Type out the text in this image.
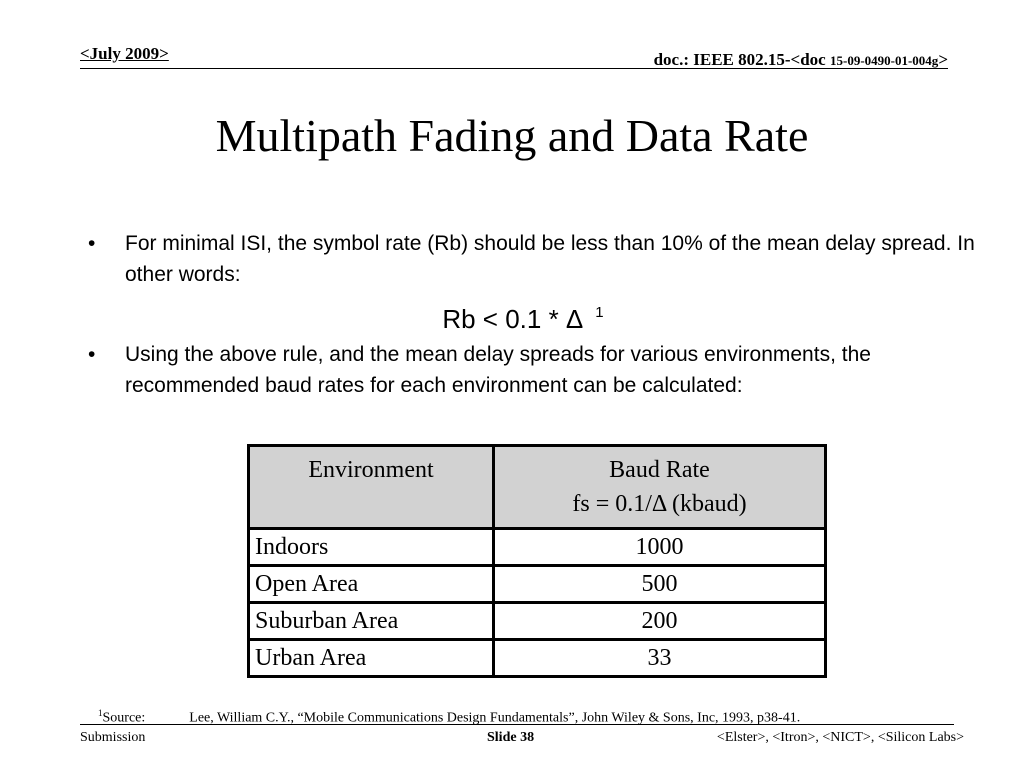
<July 2009>	doc.: IEEE 802.15-<doc 15-09-0490-01-004g>
Multipath Fading and Data Rate
• For minimal ISI, the symbol rate (Rb) should be less than 10% of the mean delay spread. In other words:
Rb < 0.1 * Δ $^1$
• Using the above rule, and the mean delay spreads for various environments, the recommended baud rates for each environment can be calculated:
Environment	Baud Rate
fs = 0.1/Δ (kbaud)

Indoors	1000
Open Area	500
Suburban Area	200
Urban Area	33
$^1$Source:	Lee, William C.Y., “Mobile Communications Design Fundamentals”, John Wiley & Sons, Inc, 1993, p38-41.
Submission	Slide 38	<Elster>, <Itron>, <NICT>, <Silicon Labs>
